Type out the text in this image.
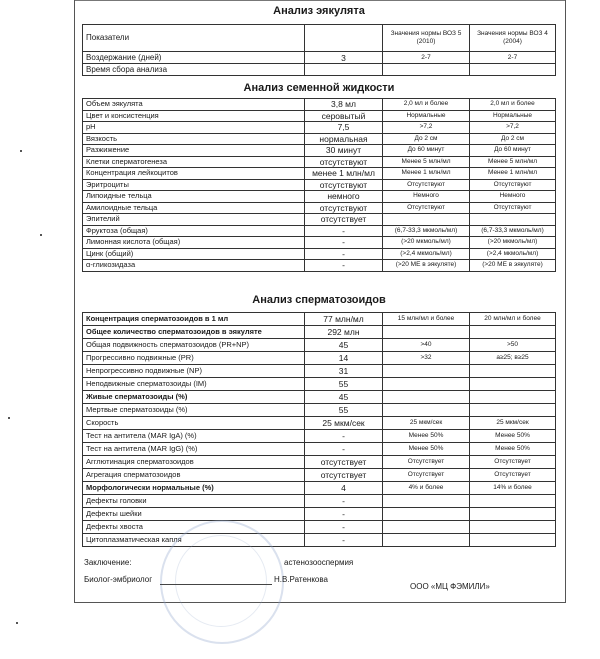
Анализ эякулята
Показатели		Значения нормы ВОЗ 5 (2010)	Значения нормы ВОЗ 4 (2004)
Воздержание (дней)	3	2-7	2-7
Время сбора анализа			
Анализ семенной жидкости
Объем эякулята	3,8 мл	2,0 мл и более	2,0 мл и более
Цвет и консистенция	серовытый	Нормальные	Нормальные
pH	7,5	>7,2	>7,2
Вязкость	нормальная	До 2 см	До 2 см
Разжижение	30 минут	До 60 минут	До 60 минут
Клетки сперматогенеза	отсутствуют	Менее 5 млн/мл	Менее 5 млн/мл
Концентрация лейкоцитов	менее 1 млн/мл	Менее 1 млн/мл	Менее 1 млн/мл
Эритроциты	отсутствуют	Отсутствуют	Отсутствуют
Липоидные тельца	немного	Немного	Немного
Амилоидные тельца	отсутствуют	Отсутствуют	Отсутствуют
Эпителий	отсутствует		
Фруктоза (общая)	-	(6,7-33,3 мкмоль/мл)	(6,7-33,3 мкмоль/мл)
Лимонная кислота (общая)	-	(>20 мкмоль/мл)	(>20 мкмоль/мл)
Цинк (общий)	-	(>2,4 мкмоль/мл)	(>2,4 мкмоль/мл)
α-гликозидаза	-	(>20 МЕ в эякуляте)	(>20 МЕ в эякуляте)
Анализ сперматозоидов
Концентрация сперматозоидов в 1 мл	77 млн/мл	15 млн/мл и более	20 млн/мл и более
Общее количество сперматозоидов в эякуляте	292 млн		
Общая подвижность сперматозоидов (PR+NP)	45	>40	>50
Прогрессивно подвижные (PR)	14	>32	a≥25; в≥25
Непрогрессивно подвижные (NP)	31		
Неподвижные сперматозоиды (IM)	55		
Живые сперматозоиды (%)	45		
Мертвые сперматозоиды (%)	55		
Скорость	25 мкм/сек	25 мкм/сек	25 мкм/сек
Тест на антитела (MAR IgA) (%)	-	Менее 50%	Менее 50%
Тест на антитела (MAR IgG) (%)	-	Менее 50%	Менее 50%
Агглютинация сперматозоидов	отсутствует	Отсутствует	Отсутствует
Агрегация сперматозоидов	отсутствует	Отсутствует	Отсутствует
Морфологически нормальные (%)	4	4% и более	14% и более
Дефекты головки	-		
Дефекты шейки	-		
Дефекты хвоста	-		
Цитоплазматическая капля	-		
Заключение:	астенозооспермия
Биолог-эмбриолог	Н.В.Ратенкова
ООО «МЦ ФЭМИЛИ»
